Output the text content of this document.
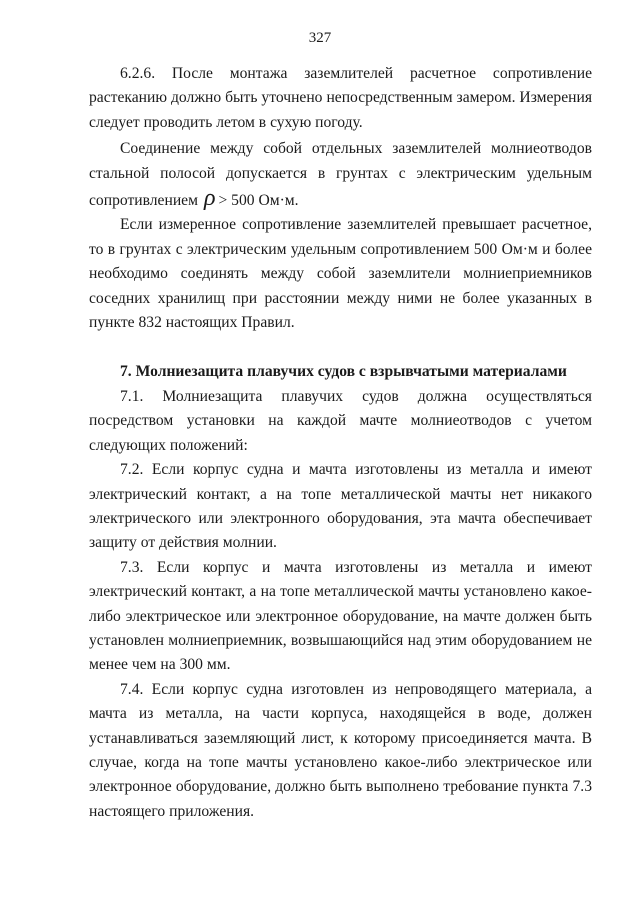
327

6.2.6. После монтажа заземлителей расчетное сопротивление растеканию должно быть уточнено непосредственным замером. Измерения следует проводить летом в сухую погоду.

Соединение между собой отдельных заземлителей молниеотводов стальной полосой допускается в грунтах с электрическим удельным сопротивлением ρ > 500 Ом·м.

Если измеренное сопротивление заземлителей превышает расчетное, то в грунтах с электрическим удельным сопротивлением 500 Ом·м и более необходимо соединять между собой заземлители молниеприемников соседних хранилищ при расстоянии между ними не более указанных в пункте 832 настоящих Правил.

7. Молниезащита плавучих судов с взрывчатыми материалами

7.1. Молниезащита плавучих судов должна осуществляться посредством установки на каждой мачте молниеотводов с учетом следующих положений:

7.2. Если корпус судна и мачта изготовлены из металла и имеют электрический контакт, а на топе металлической мачты нет никакого электрического или электронного оборудования, эта мачта обеспечивает защиту от действия молнии.

7.3. Если корпус и мачта изготовлены из металла и имеют электрический контакт, а на топе металлической мачты установлено какое-либо электрическое или электронное оборудование, на мачте должен быть установлен молниеприемник, возвышающийся над этим оборудованием не менее чем на 300 мм.

7.4. Если корпус судна изготовлен из непроводящего материала, а мачта из металла, на части корпуса, находящейся в воде, должен устанавливаться заземляющий лист, к которому присоединяется мачта. В случае, когда на топе мачты установлено какое-либо электрическое или электронное оборудование, должно быть выполнено требование пункта 7.3 настоящего приложения.
